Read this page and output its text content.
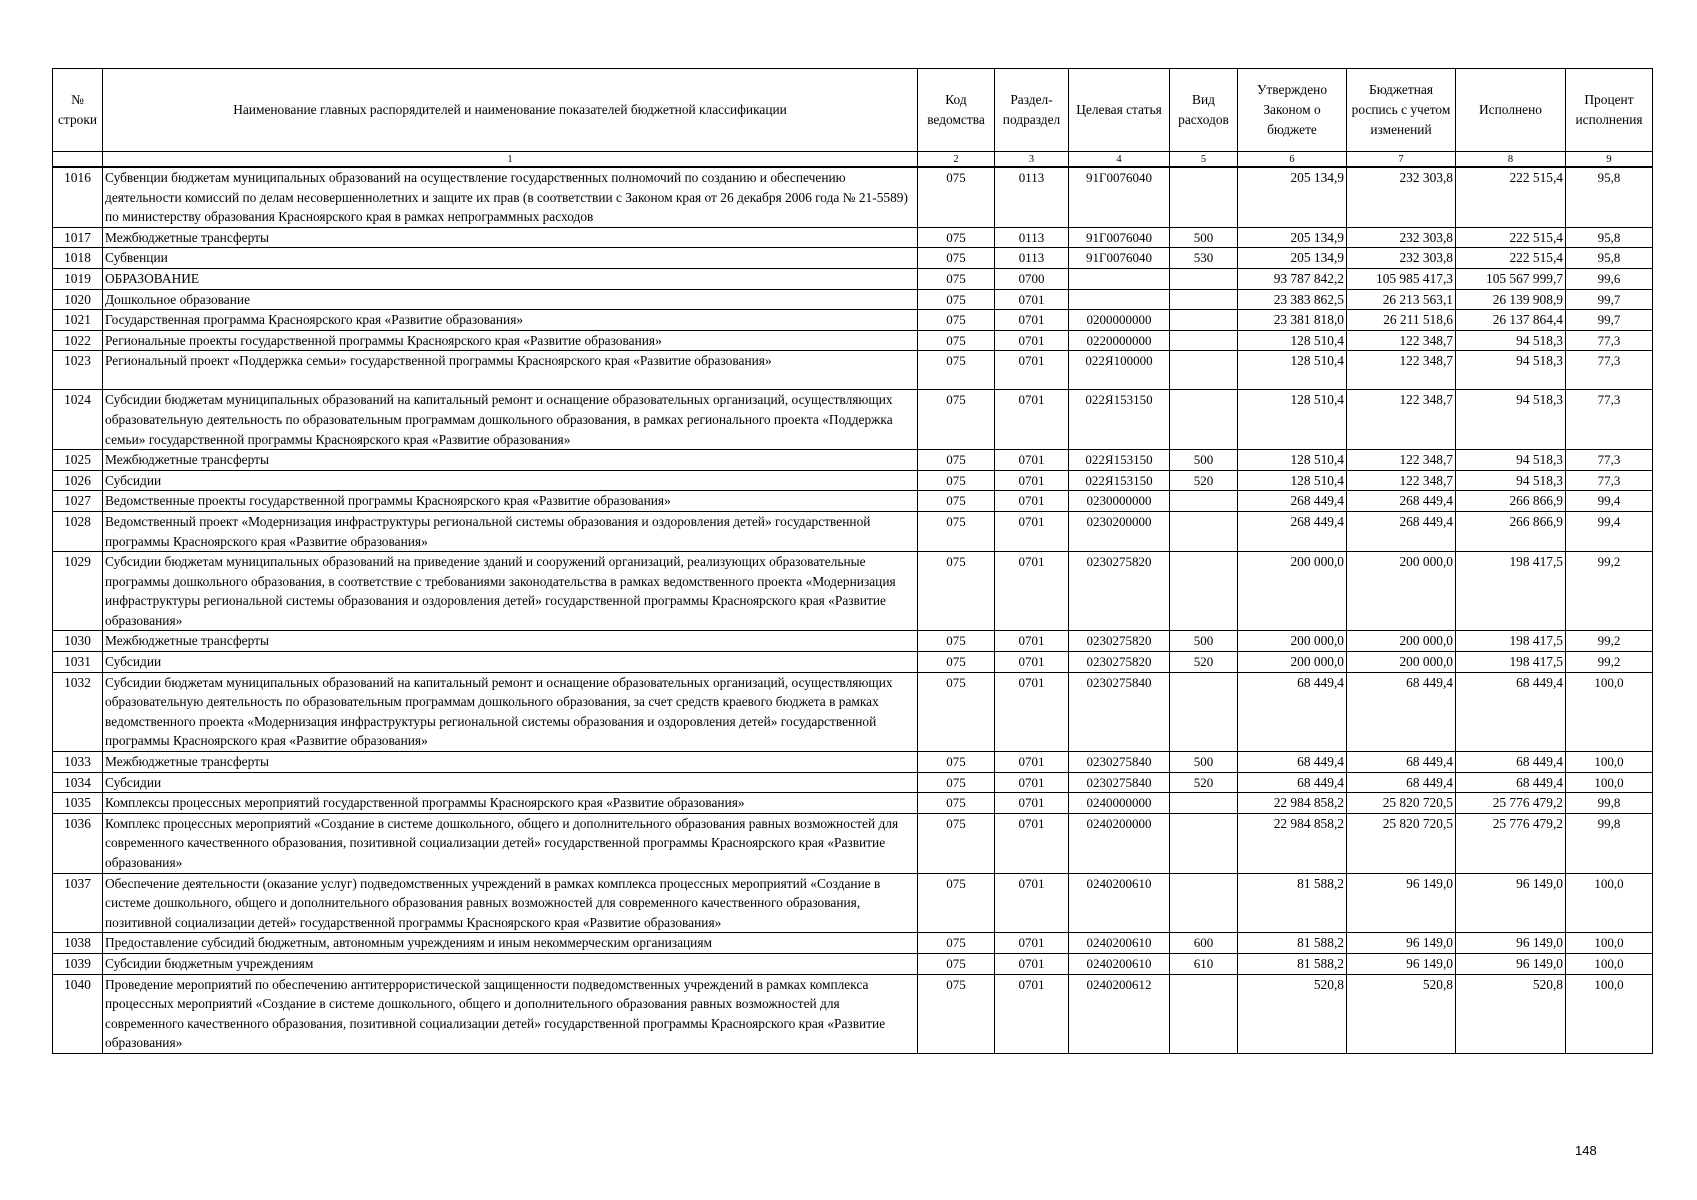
№ строки	Наименование главных распорядителей и наименование показателей бюджетной классификации	Код ведомства	Раздел-подраздел	Целевая статья	Вид расходов	Утверждено Законом о бюджете	Бюджетная роспись с учетом изменений	Исполнено	Процент исполнения
	1	2	3	4	5	6	7	8	9
1016	Субвенции бюджетам муниципальных образований на осуществление государственных полномочий по созданию и обеспечению деятельности комиссий по делам несовершеннолетних и защите их прав (в соответствии с Законом края от 26 декабря 2006 года № 21-5589) по министерству образования Красноярского края в рамках непрограммных расходов	075	0113	91Г0076040		205 134,9	232 303,8	222 515,4	95,8
1017	Межбюджетные трансферты	075	0113	91Г0076040	500	205 134,9	232 303,8	222 515,4	95,8
1018	Субвенции	075	0113	91Г0076040	530	205 134,9	232 303,8	222 515,4	95,8
1019	ОБРАЗОВАНИЕ	075	0700			93 787 842,2	105 985 417,3	105 567 999,7	99,6
1020	Дошкольное образование	075	0701			23 383 862,5	26 213 563,1	26 139 908,9	99,7
1021	Государственная программа Красноярского края «Развитие образования»	075	0701	0200000000		23 381 818,0	26 211 518,6	26 137 864,4	99,7
1022	Региональные проекты государственной программы Красноярского края «Развитие образования»	075	0701	0220000000		128 510,4	122 348,7	94 518,3	77,3
1023	Региональный проект «Поддержка семьи» государственной программы Красноярского края «Развитие образования»	075	0701	022Я100000		128 510,4	122 348,7	94 518,3	77,3
1024	Субсидии бюджетам муниципальных образований на капитальный ремонт и оснащение образовательных организаций, осуществляющих образовательную деятельность по образовательным программам дошкольного образования, в рамках регионального проекта «Поддержка семьи» государственной программы Красноярского края «Развитие образования»	075	0701	022Я153150		128 510,4	122 348,7	94 518,3	77,3
1025	Межбюджетные трансферты	075	0701	022Я153150	500	128 510,4	122 348,7	94 518,3	77,3
1026	Субсидии	075	0701	022Я153150	520	128 510,4	122 348,7	94 518,3	77,3
1027	Ведомственные проекты государственной программы Красноярского края «Развитие образования»	075	0701	0230000000		268 449,4	268 449,4	266 866,9	99,4
1028	Ведомственный проект «Модернизация инфраструктуры региональной системы образования и оздоровления детей» государственной программы Красноярского края «Развитие образования»	075	0701	0230200000		268 449,4	268 449,4	266 866,9	99,4
1029	Субсидии бюджетам муниципальных образований на приведение зданий и сооружений организаций, реализующих образовательные программы дошкольного образования, в соответствие с требованиями законодательства в рамках ведомственного проекта «Модернизация инфраструктуры региональной системы образования и оздоровления детей» государственной программы Красноярского края «Развитие образования»	075	0701	0230275820		200 000,0	200 000,0	198 417,5	99,2
1030	Межбюджетные трансферты	075	0701	0230275820	500	200 000,0	200 000,0	198 417,5	99,2
1031	Субсидии	075	0701	0230275820	520	200 000,0	200 000,0	198 417,5	99,2
1032	Субсидии бюджетам муниципальных образований на капитальный ремонт и оснащение образовательных организаций, осуществляющих образовательную деятельность по образовательным программам дошкольного образования, за счет средств краевого бюджета в рамках ведомственного проекта «Модернизация инфраструктуры региональной системы образования и оздоровления детей» государственной программы Красноярского края «Развитие образования»	075	0701	0230275840		68 449,4	68 449,4	68 449,4	100,0
1033	Межбюджетные трансферты	075	0701	0230275840	500	68 449,4	68 449,4	68 449,4	100,0
1034	Субсидии	075	0701	0230275840	520	68 449,4	68 449,4	68 449,4	100,0
1035	Комплексы процессных мероприятий государственной программы Красноярского края «Развитие образования»	075	0701	0240000000		22 984 858,2	25 820 720,5	25 776 479,2	99,8
1036	Комплекс процессных мероприятий «Создание в системе дошкольного, общего и дополнительного образования равных возможностей для современного качественного образования, позитивной социализации детей» государственной программы Красноярского края «Развитие образования»	075	0701	0240200000		22 984 858,2	25 820 720,5	25 776 479,2	99,8
1037	Обеспечение деятельности (оказание услуг) подведомственных учреждений в рамках комплекса процессных мероприятий «Создание в системе дошкольного, общего и дополнительного образования равных возможностей для современного качественного образования, позитивной социализации детей» государственной программы Красноярского края «Развитие образования»	075	0701	0240200610		81 588,2	96 149,0	96 149,0	100,0
1038	Предоставление субсидий бюджетным, автономным учреждениям и иным некоммерческим организациям	075	0701	0240200610	600	81 588,2	96 149,0	96 149,0	100,0
1039	Субсидии бюджетным учреждениям	075	0701	0240200610	610	81 588,2	96 149,0	96 149,0	100,0
1040	Проведение мероприятий по обеспечению антитеррористической защищенности подведомственных учреждений в рамках комплекса процессных мероприятий «Создание в системе дошкольного, общего и дополнительного образования равных возможностей для современного качественного образования, позитивной социализации детей» государственной программы Красноярского края «Развитие образования»	075	0701	0240200612		520,8	520,8	520,8	100,0
148
